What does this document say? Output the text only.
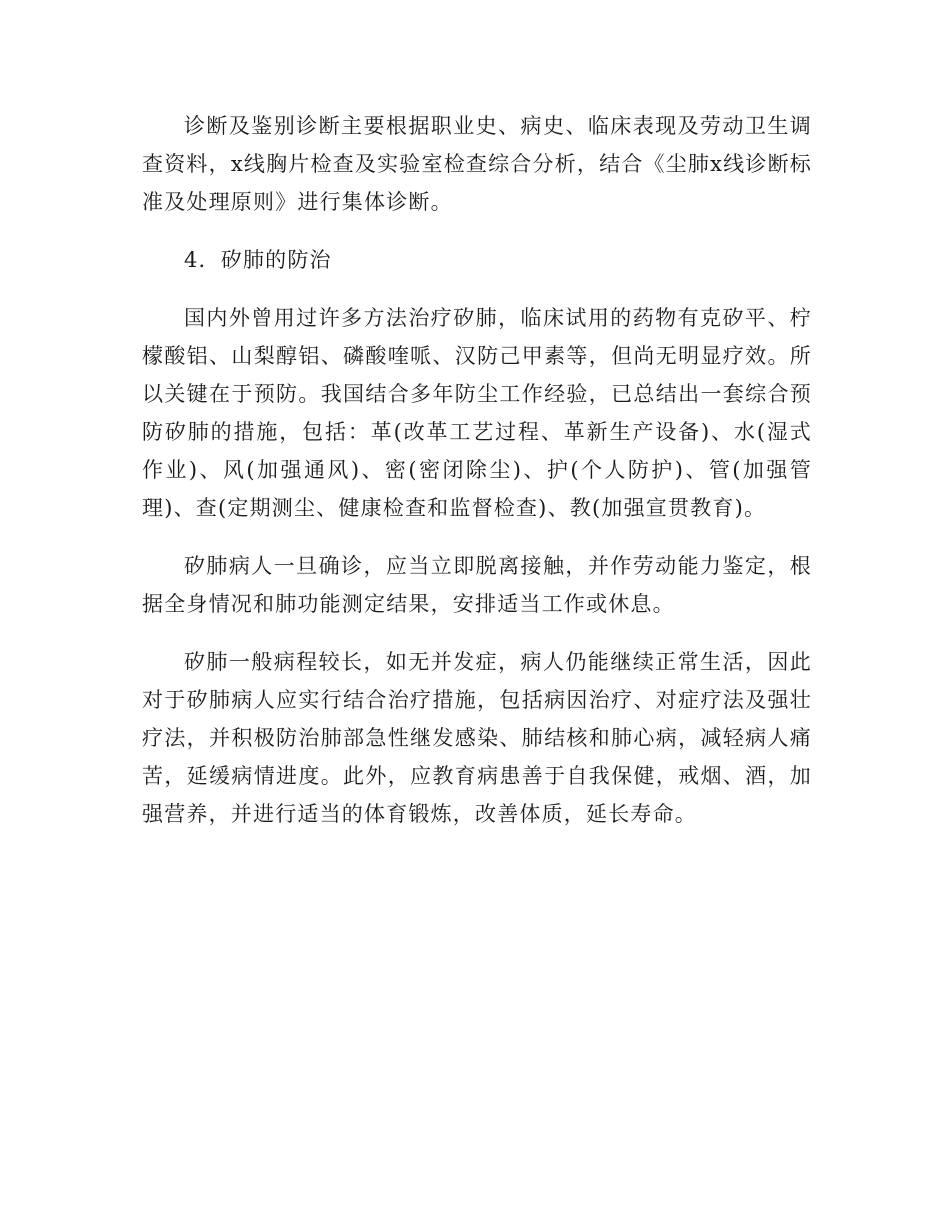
诊断及鉴别诊断主要根据职业史、病史、临床表现及劳动卫生调查资料，x线胸片检查及实验室检查综合分析，结合《尘肺x线诊断标准及处理原则》进行集体诊断。

4．矽肺的防治

国内外曾用过许多方法治疗矽肺，临床试用的药物有克矽平、柠檬酸铝、山梨醇铝、磷酸喹哌、汉防己甲素等，但尚无明显疗效。所以关键在于预防。我国结合多年防尘工作经验，已总结出一套综合预防矽肺的措施，包括：革(改革工艺过程、革新生产设备)、水(湿式作业)、风(加强通风)、密(密闭除尘)、护(个人防护)、管(加强管理)、查(定期测尘、健康检查和监督检查)、教(加强宣贯教育)。

矽肺病人一旦确诊，应当立即脱离接触，并作劳动能力鉴定，根据全身情况和肺功能测定结果，安排适当工作或休息。

矽肺一般病程较长，如无并发症，病人仍能继续正常生活，因此对于矽肺病人应实行结合治疗措施，包括病因治疗、对症疗法及强壮疗法，并积极防治肺部急性继发感染、肺结核和肺心病，减轻病人痛苦，延缓病情进度。此外，应教育病患善于自我保健，戒烟、酒，加强营养，并进行适当的体育锻炼，改善体质，延长寿命。
